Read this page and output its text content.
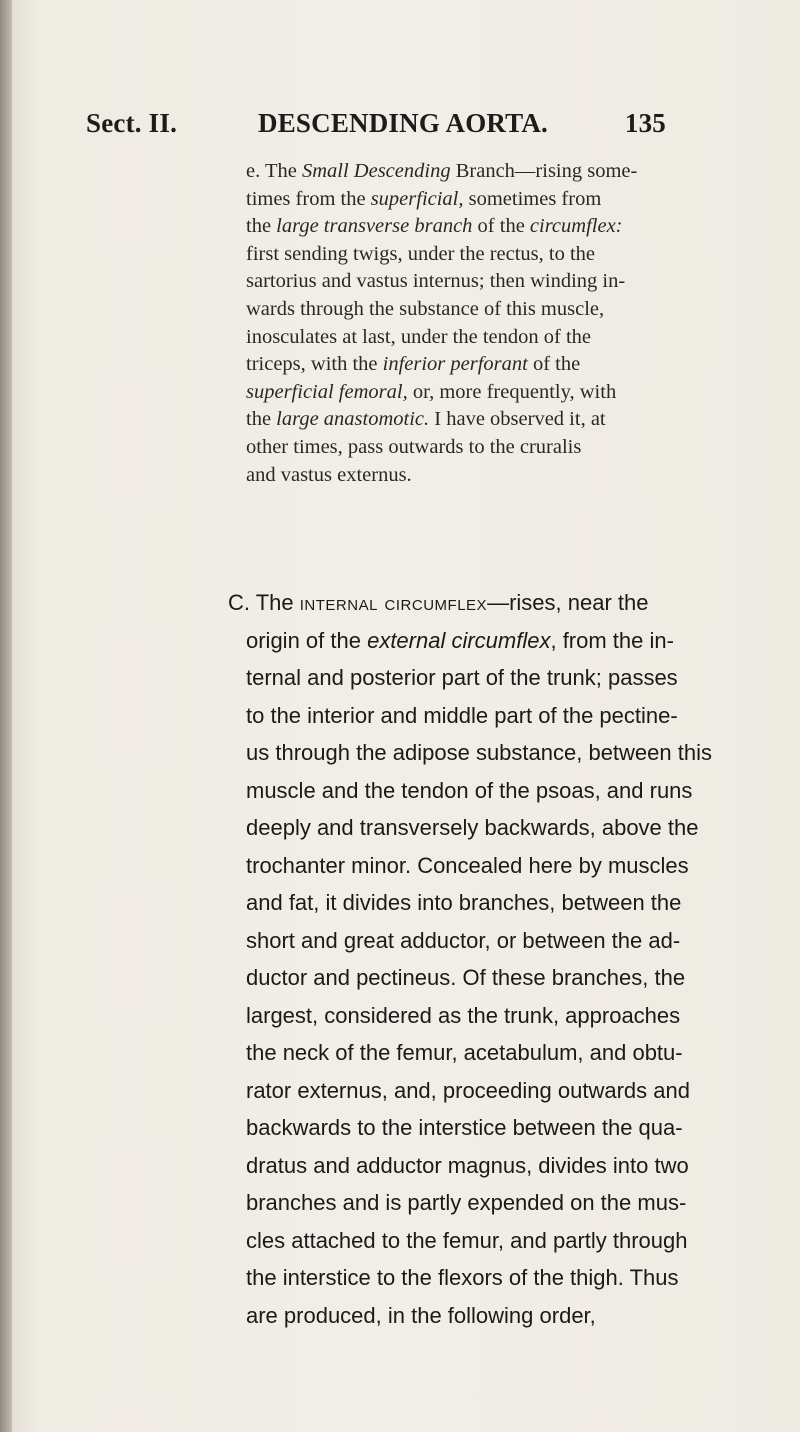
Sect. II.	DESCENDING AORTA.	135
e. The Small Descending Branch—rising some-
times from the superficial, sometimes from
the large transverse branch of the circumflex:
first sending twigs, under the rectus, to the
sartorius and vastus internus; then winding in-
wards through the substance of this muscle,
inosculates at last, under the tendon of the
triceps, with the inferior perforant of the
superficial femoral, or, more frequently, with
the large anastomotic. I have observed it, at
other times, pass outwards to the cruralis
and vastus externus.
C. The internal circumflex—rises, near the
origin of the external circumflex, from the in-
ternal and posterior part of the trunk; passes
to the interior and middle part of the pectine-
us through the adipose substance, between this
muscle and the tendon of the psoas, and runs
deeply and transversely backwards, above the
trochanter minor. Concealed here by muscles
and fat, it divides into branches, between the
short and great adductor, or between the ad-
ductor and pectineus. Of these branches, the
largest, considered as the trunk, approaches
the neck of the femur, acetabulum, and obtu-
rator externus, and, proceeding outwards and
backwards to the interstice between the qua-
dratus and adductor magnus, divides into two
branches and is partly expended on the mus-
cles attached to the femur, and partly through
the interstice to the flexors of the thigh. Thus
are produced, in the following order,
